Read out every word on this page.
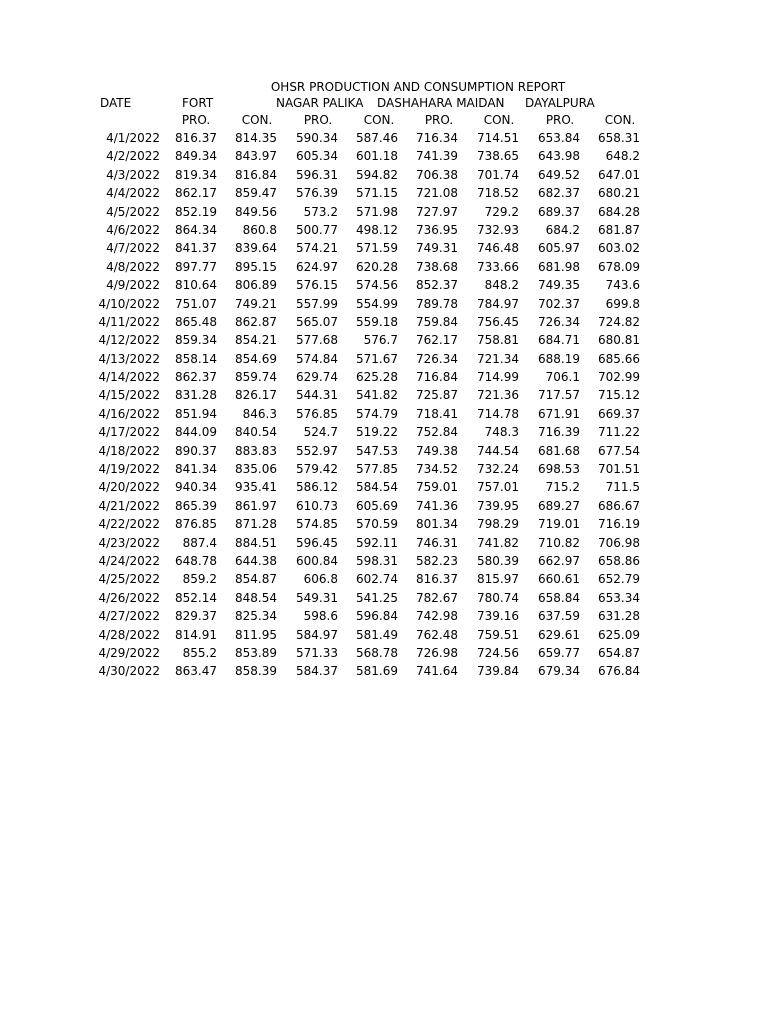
OHSR PRODUCTION AND CONSUMPTION REPORT
DATE	FORT	NAGAR PALIKA DASHAHARA MAIDAN DAYALPURA
PRO.	CON.	PRO.	CON.	PRO.	CON.	PRO.	CON.
4/1/2022	816.37	814.35	590.34	587.46	716.34	714.51	653.84	658.31
4/2/2022	849.34	843.97	605.34	601.18	741.39	738.65	643.98	648.2
4/3/2022	819.34	816.84	596.31	594.82	706.38	701.74	649.52	647.01
4/4/2022	862.17	859.47	576.39	571.15	721.08	718.52	682.37	680.21
4/5/2022	852.19	849.56	573.2	571.98	727.97	729.2	689.37	684.28
4/6/2022	864.34	860.8	500.77	498.12	736.95	732.93	684.2	681.87
4/7/2022	841.37	839.64	574.21	571.59	749.31	746.48	605.97	603.02
4/8/2022	897.77	895.15	624.97	620.28	738.68	733.66	681.98	678.09
4/9/2022	810.64	806.89	576.15	574.56	852.37	848.2	749.35	743.6
4/10/2022	751.07	749.21	557.99	554.99	789.78	784.97	702.37	699.8
4/11/2022	865.48	862.87	565.07	559.18	759.84	756.45	726.34	724.82
4/12/2022	859.34	854.21	577.68	576.7	762.17	758.81	684.71	680.81
4/13/2022	858.14	854.69	574.84	571.67	726.34	721.34	688.19	685.66
4/14/2022	862.37	859.74	629.74	625.28	716.84	714.99	706.1	702.99
4/15/2022	831.28	826.17	544.31	541.82	725.87	721.36	717.57	715.12
4/16/2022	851.94	846.3	576.85	574.79	718.41	714.78	671.91	669.37
4/17/2022	844.09	840.54	524.7	519.22	752.84	748.3	716.39	711.22
4/18/2022	890.37	883.83	552.97	547.53	749.38	744.54	681.68	677.54
4/19/2022	841.34	835.06	579.42	577.85	734.52	732.24	698.53	701.51
4/20/2022	940.34	935.41	586.12	584.54	759.01	757.01	715.2	711.5
4/21/2022	865.39	861.97	610.73	605.69	741.36	739.95	689.27	686.67
4/22/2022	876.85	871.28	574.85	570.59	801.34	798.29	719.01	716.19
4/23/2022	887.4	884.51	596.45	592.11	746.31	741.82	710.82	706.98
4/24/2022	648.78	644.38	600.84	598.31	582.23	580.39	662.97	658.86
4/25/2022	859.2	854.87	606.8	602.74	816.37	815.97	660.61	652.79
4/26/2022	852.14	848.54	549.31	541.25	782.67	780.74	658.84	653.34
4/27/2022	829.37	825.34	598.6	596.84	742.98	739.16	637.59	631.28
4/28/2022	814.91	811.95	584.97	581.49	762.48	759.51	629.61	625.09
4/29/2022	855.2	853.89	571.33	568.78	726.98	724.56	659.77	654.87
4/30/2022	863.47	858.39	584.37	581.69	741.64	739.84	679.34	676.84
